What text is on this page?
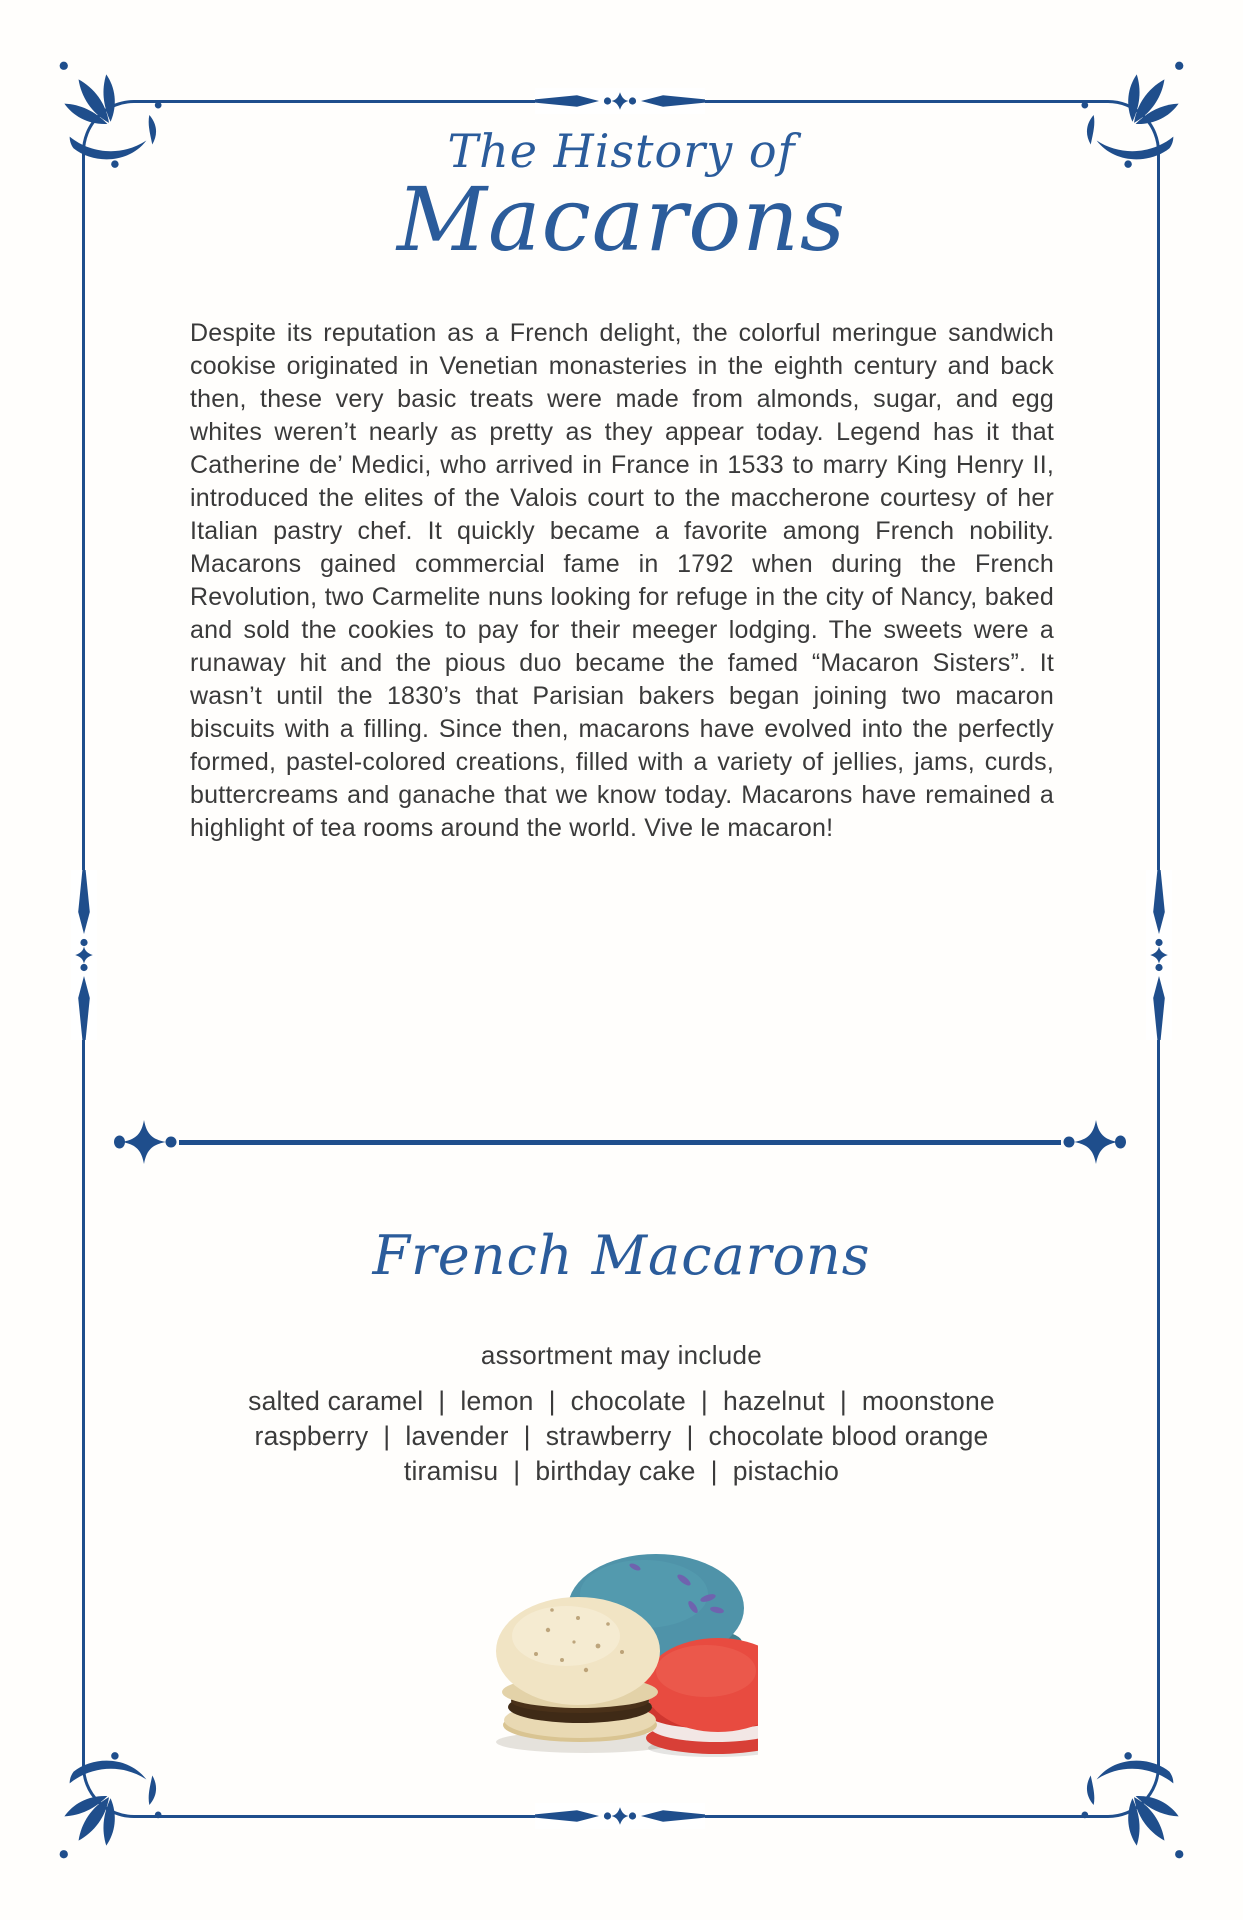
The History of
Macarons

Despite its reputation as a French delight, the colorful meringue sandwich cookise originated in Venetian monasteries in the eighth century and back then, these very basic treats were made from almonds, sugar, and egg whites weren’t nearly as pretty as they appear today. Legend has it that Catherine de’ Medici, who arrived in France in 1533 to marry King Henry II, introduced the elites of the Valois court to the maccherone courtesy of her Italian pastry chef. It quickly became a favorite among French nobility. Macarons gained commercial fame in 1792 when during the French Revolution, two Carmelite nuns looking for refuge in the city of Nancy, baked and sold the cookies to pay for their meeger lodging. The sweets were a runaway hit and the pious duo became the famed “Macaron Sisters”. It wasn’t until the 1830’s that Parisian bakers began joining two macaron biscuits with a filling. Since then, macarons have evolved into the perfectly formed, pastel-colored creations, filled with a variety of jellies, jams, curds, buttercreams and ganache that we know today. Macarons have remained a highlight of tea rooms around the world. Vive le macaron!

French Macarons
assortment may include
salted caramel | lemon | chocolate | hazelnut | moonstone
raspberry | lavender | strawberry | chocolate blood orange
tiramisu | birthday cake | pistachio
